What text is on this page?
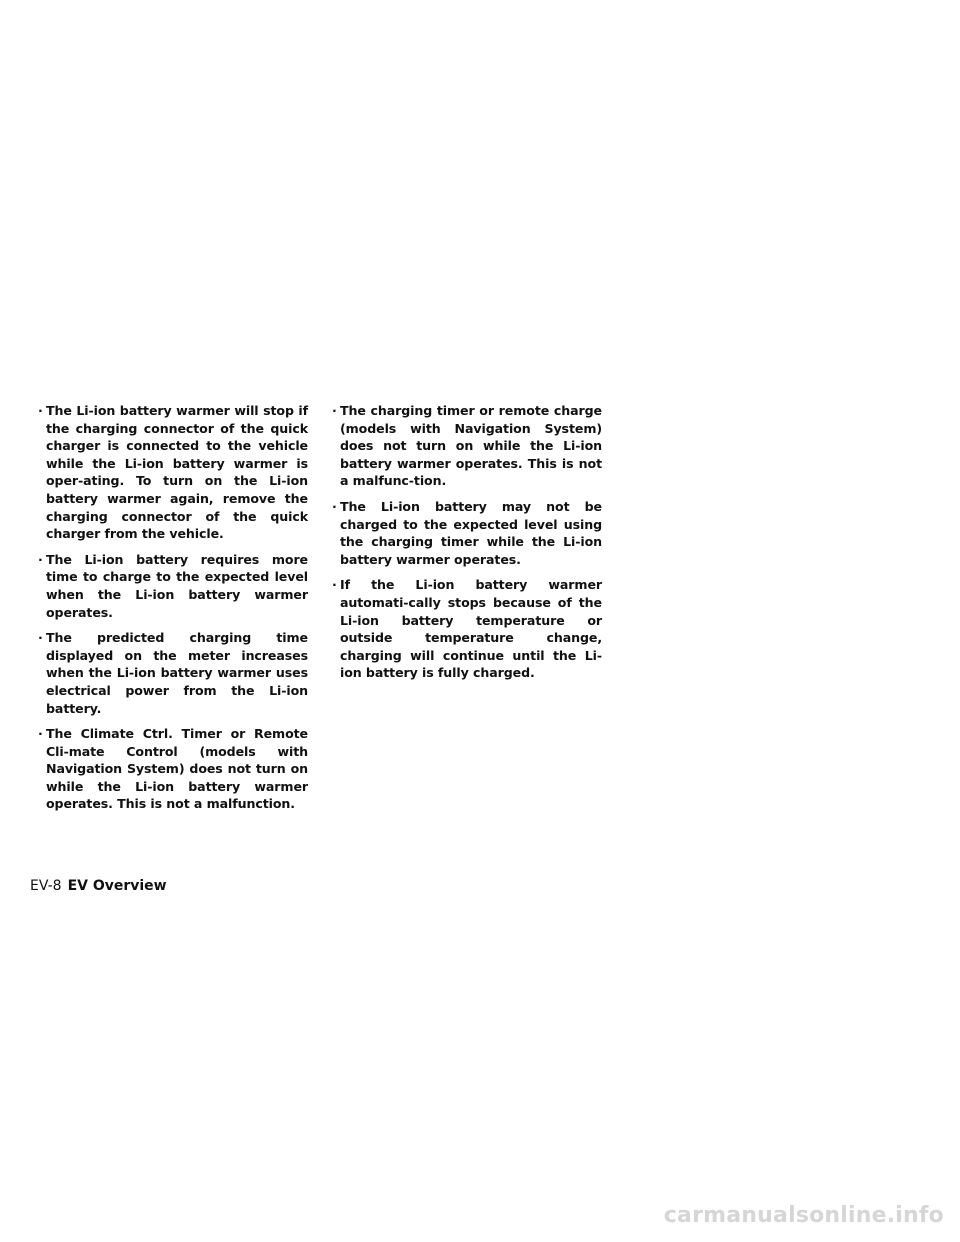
· The Li-ion battery warmer will stop if the charging connector of the quick charger is connected to the vehicle while the Li-ion battery warmer is oper-ating. To turn on the Li-ion battery warmer again, remove the charging connector of the quick charger from the vehicle.
· The Li-ion battery requires more time to charge to the expected level when the Li-ion battery warmer operates.
· The predicted charging time displayed on the meter increases when the Li-ion battery warmer uses electrical power from the Li-ion battery.
· The Climate Ctrl. Timer or Remote Cli-mate Control (models with Navigation System) does not turn on while the Li-ion battery warmer operates. This is not a malfunction.
· The charging timer or remote charge (models with Navigation System) does not turn on while the Li-ion battery warmer operates. This is not a malfunc-tion.
· The Li-ion battery may not be charged to the expected level using the charging timer while the Li-ion battery warmer operates.
· If the Li-ion battery warmer automati-cally stops because of the Li-ion battery temperature or outside temperature change, charging will continue until the Li-ion battery is fully charged.
EV-8 EV Overview
carmanualsonline.info
